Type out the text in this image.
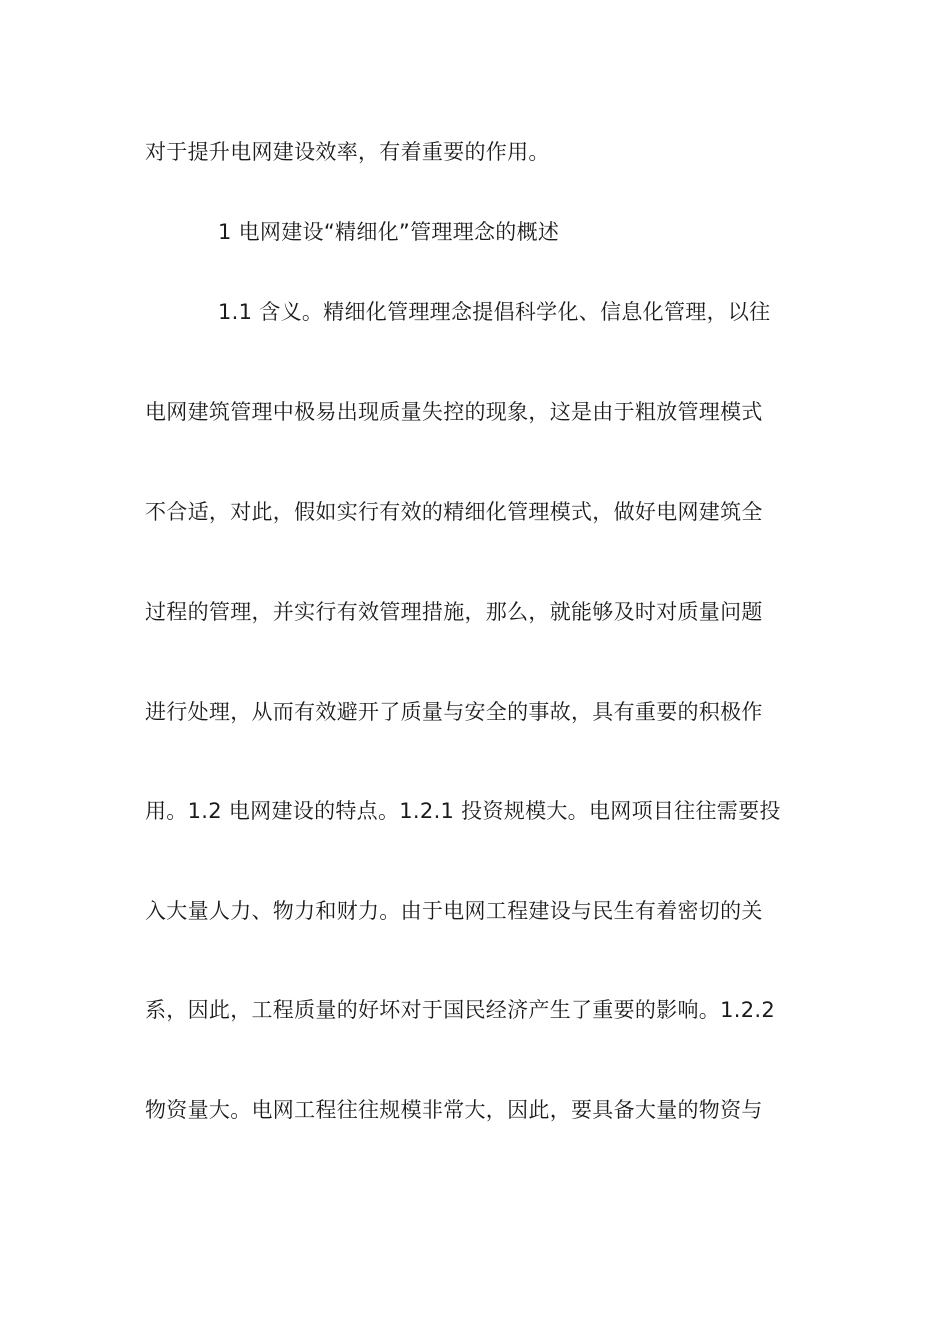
对于提升电网建设效率，有着重要的作用。
1 电网建设“精细化”管理理念的概述
1.1 含义。精细化管理理念提倡科学化、信息化管理，以往
电网建筑管理中极易出现质量失控的现象，这是由于粗放管理模式
不合适，对此，假如实行有效的精细化管理模式，做好电网建筑全
过程的管理，并实行有效管理措施，那么，就能够及时对质量问题
进行处理，从而有效避开了质量与安全的事故，具有重要的积极作
用。1.2 电网建设的特点。1.2.1 投资规模大。电网项目往往需要投
入大量人力、物力和财力。由于电网工程建设与民生有着密切的关
系，因此，工程质量的好坏对于国民经济产生了重要的影响。1.2.2
物资量大。电网工程往往规模非常大，因此，要具备大量的物资与
